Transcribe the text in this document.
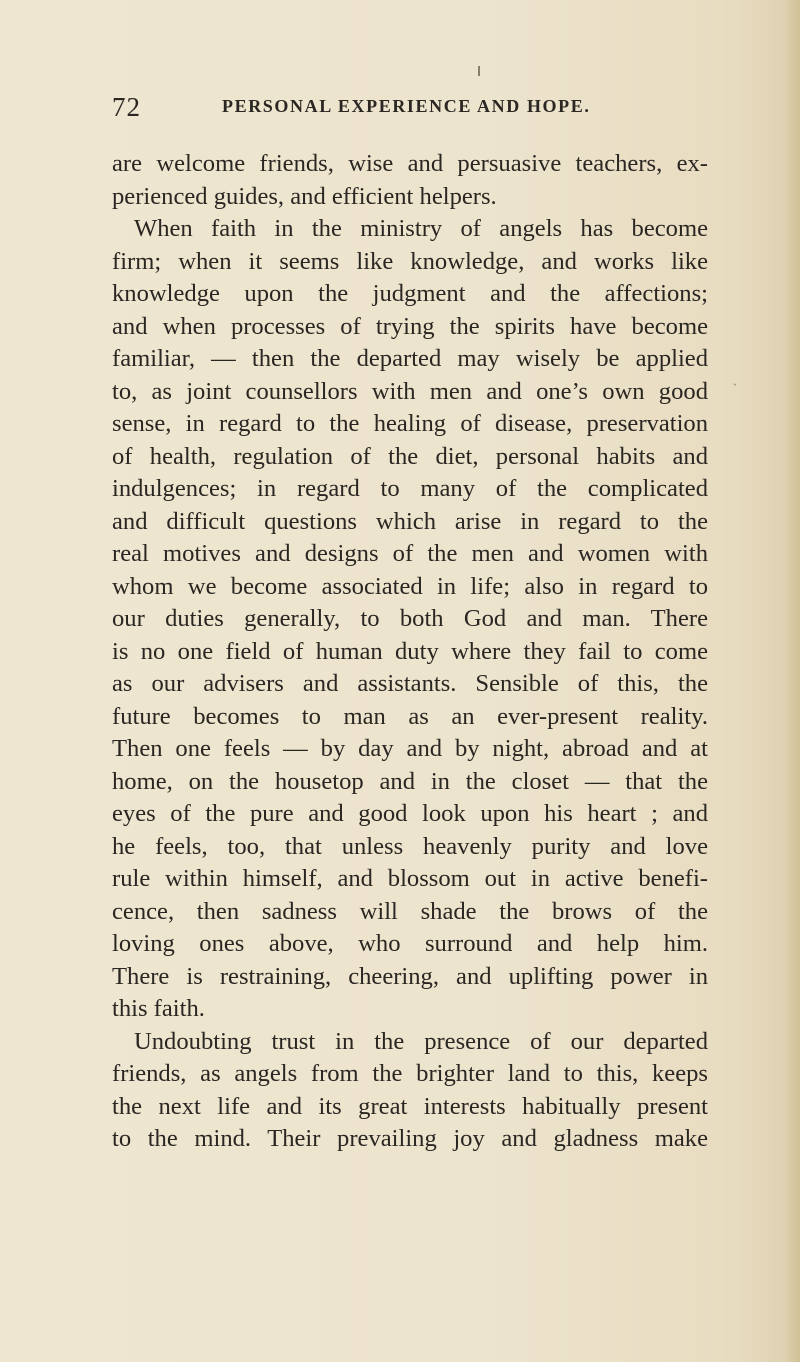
72	PERSONAL EXPERIENCE AND HOPE.
are welcome friends, wise and persuasive teachers, ex-
perienced guides, and efficient helpers.
When faith in the ministry of angels has become
firm; when it seems like knowledge, and works like
knowledge upon the judgment and the affections;
and when processes of trying the spirits have become
familiar, — then the departed may wisely be applied
to, as joint counsellors with men and one’s own good
sense, in regard to the healing of disease, preservation
of health, regulation of the diet, personal habits and
indulgences; in regard to many of the complicated
and difficult questions which arise in regard to the
real motives and designs of the men and women with
whom we become associated in life; also in regard to
our duties generally, to both God and man. There
is no one field of human duty where they fail to come
as our advisers and assistants. Sensible of this, the
future becomes to man as an ever-present reality.
Then one feels — by day and by night, abroad and at
home, on the housetop and in the closet — that the
eyes of the pure and good look upon his heart ; and
he feels, too, that unless heavenly purity and love
rule within himself, and blossom out in active benefi-
cence, then sadness will shade the brows of the
loving ones above, who surround and help him.
There is restraining, cheering, and uplifting power in
this faith.
Undoubting trust in the presence of our departed
friends, as angels from the brighter land to this, keeps
the next life and its great interests habitually present
to the mind. Their prevailing joy and gladness make
ˎ
